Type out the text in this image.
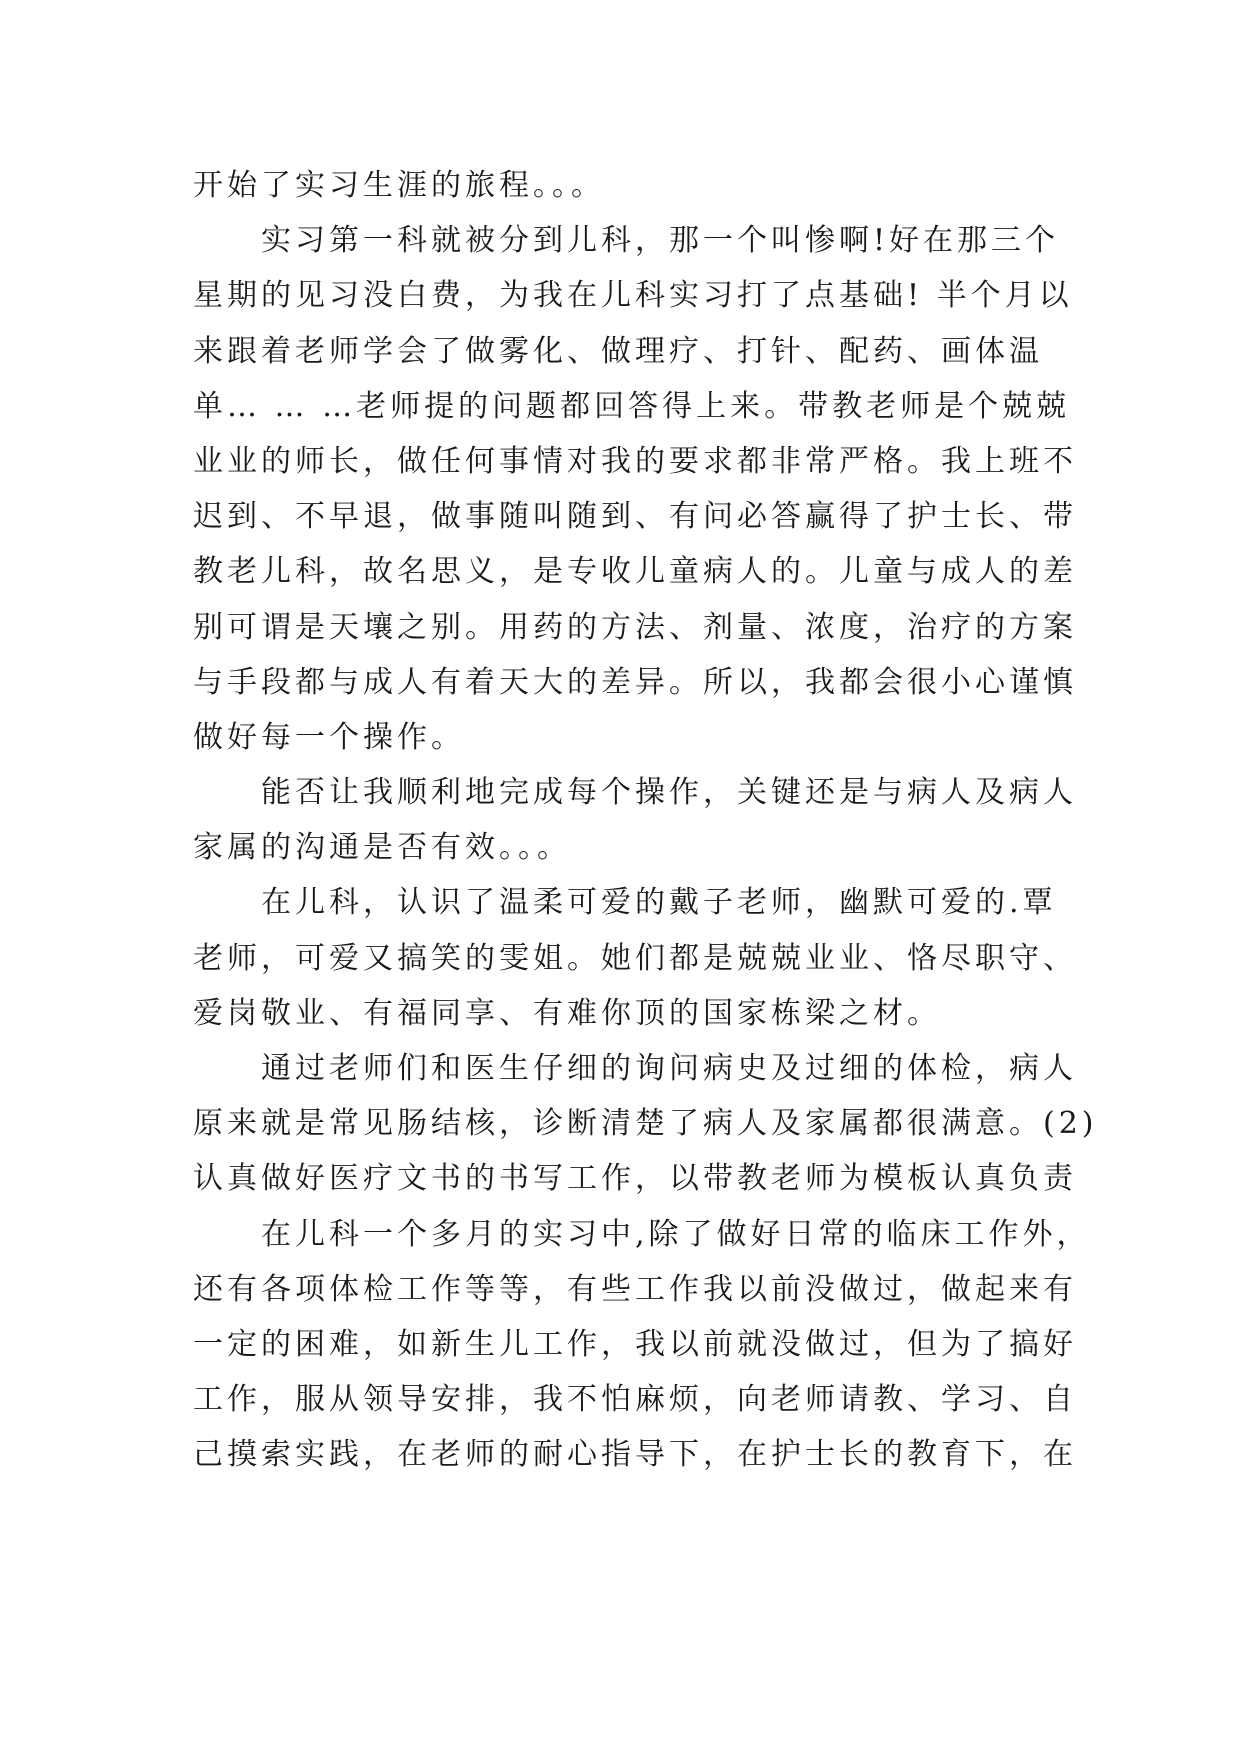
开始了实习生涯的旅程。。。
实习第一科就被分到儿科，那一个叫惨啊!好在那三个
星期的见习没白费，为我在儿科实习打了点基础! 半个月以
来跟着老师学会了做雾化、做理疗、打针、配药、画体温
单… … …老师提的问题都回答得上来。带教老师是个兢兢
业业的师长，做任何事情对我的要求都非常严格。我上班不
迟到、不早退，做事随叫随到、有问必答赢得了护士长、带
教老儿科，故名思义，是专收儿童病人的。儿童与成人的差
别可谓是天壤之别。用药的方法、剂量、浓度，治疗的方案
与手段都与成人有着天大的差异。所以，我都会很小心谨慎
做好每一个操作。
能否让我顺利地完成每个操作，关键还是与病人及病人
家属的沟通是否有效。。。
在儿科，认识了温柔可爱的戴子老师，幽默可爱的.覃
老师，可爱又搞笑的雯姐。她们都是兢兢业业、恪尽职守、
爱岗敬业、有福同享、有难你顶的国家栋梁之材。
通过老师们和医生仔细的询问病史及过细的体检，病人
原来就是常见肠结核，诊断清楚了病人及家属都很满意。(2)
认真做好医疗文书的书写工作，以带教老师为模板认真负责
在儿科一个多月的实习中,除了做好日常的临床工作外，
还有各项体检工作等等，有些工作我以前没做过，做起来有
一定的困难，如新生儿工作，我以前就没做过，但为了搞好
工作，服从领导安排，我不怕麻烦，向老师请教、学习、自
己摸索实践，在老师的耐心指导下，在护士长的教育下，在
